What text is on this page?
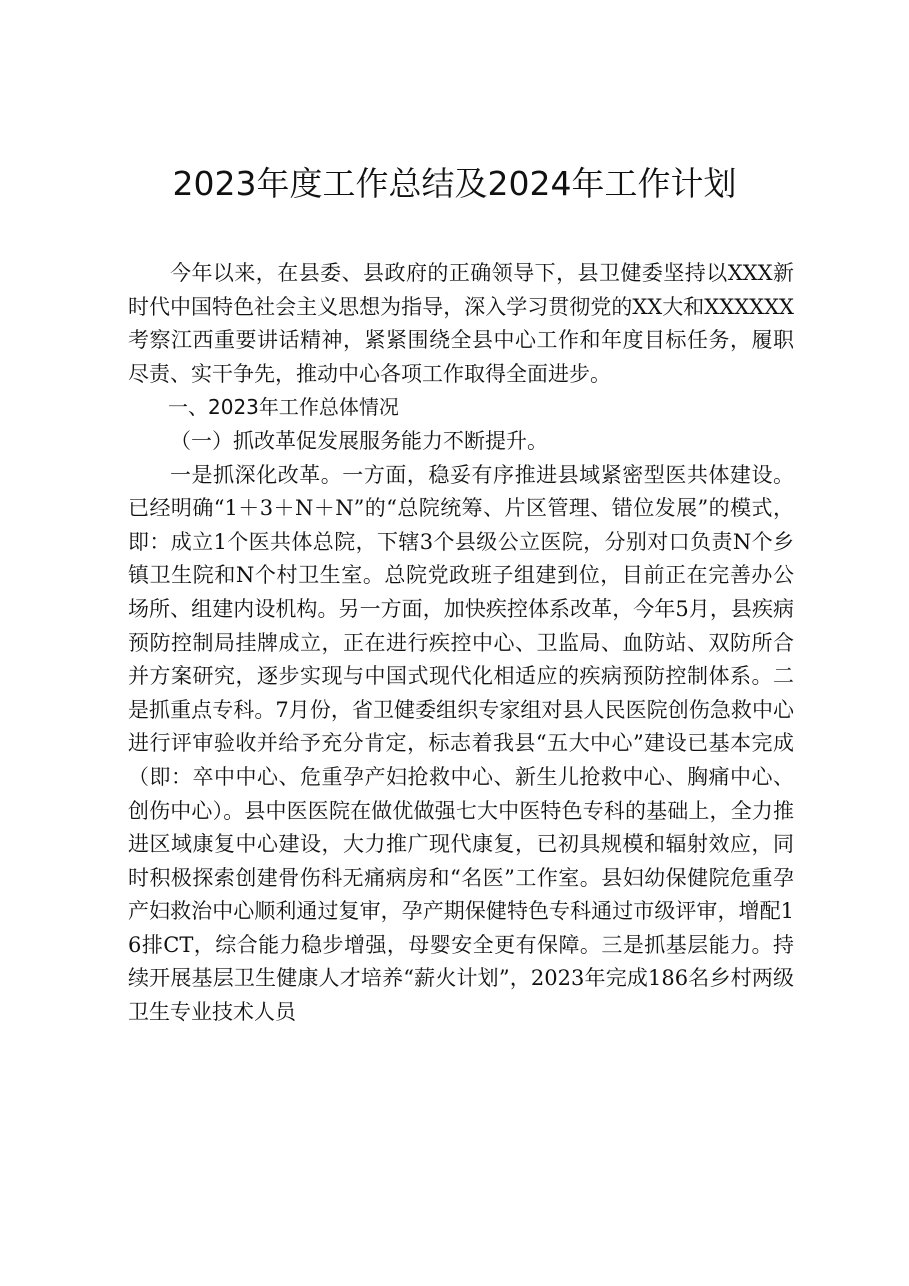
2023年度工作总结及2024年工作计划

今年以来，在县委、县政府的正确领导下，县卫健委坚持以XXX新时代中国特色社会主义思想为指导，深入学习贯彻党的XX大和XXXXXX考察江西重要讲话精神，紧紧围绕全县中心工作和年度目标任务，履职尽责、实干争先，推动中心各项工作取得全面进步。

一、2023年工作总体情况

（一）抓改革促发展服务能力不断提升。

一是抓深化改革。一方面，稳妥有序推进县域紧密型医共体建设。已经明确“1＋3＋N＋N”的“总院统筹、片区管理、错位发展”的模式，即：成立1个医共体总院，下辖3个县级公立医院，分别对口负责N个乡镇卫生院和N个村卫生室。总院党政班子组建到位，目前正在完善办公场所、组建内设机构。另一方面，加快疾控体系改革，今年5月，县疾病预防控制局挂牌成立，正在进行疾控中心、卫监局、血防站、双防所合并方案研究，逐步实现与中国式现代化相适应的疾病预防控制体系。二是抓重点专科。7月份，省卫健委组织专家组对县人民医院创伤急救中心进行评审验收并给予充分肯定，标志着我县“五大中心”建设已基本完成（即：卒中中心、危重孕产妇抢救中心、新生儿抢救中心、胸痛中心、创伤中心）。县中医医院在做优做强七大中医特色专科的基础上，全力推进区域康复中心建设，大力推广现代康复，已初具规模和辐射效应，同时积极探索创建骨伤科无痛病房和“名医”工作室。县妇幼保健院危重孕产妇救治中心顺利通过复审，孕产期保健特色专科通过市级评审，增配16排CT，综合能力稳步增强，母婴安全更有保障。三是抓基层能力。持续开展基层卫生健康人才培养“薪火计划”，2023年完成186名乡村两级卫生专业技术人员
